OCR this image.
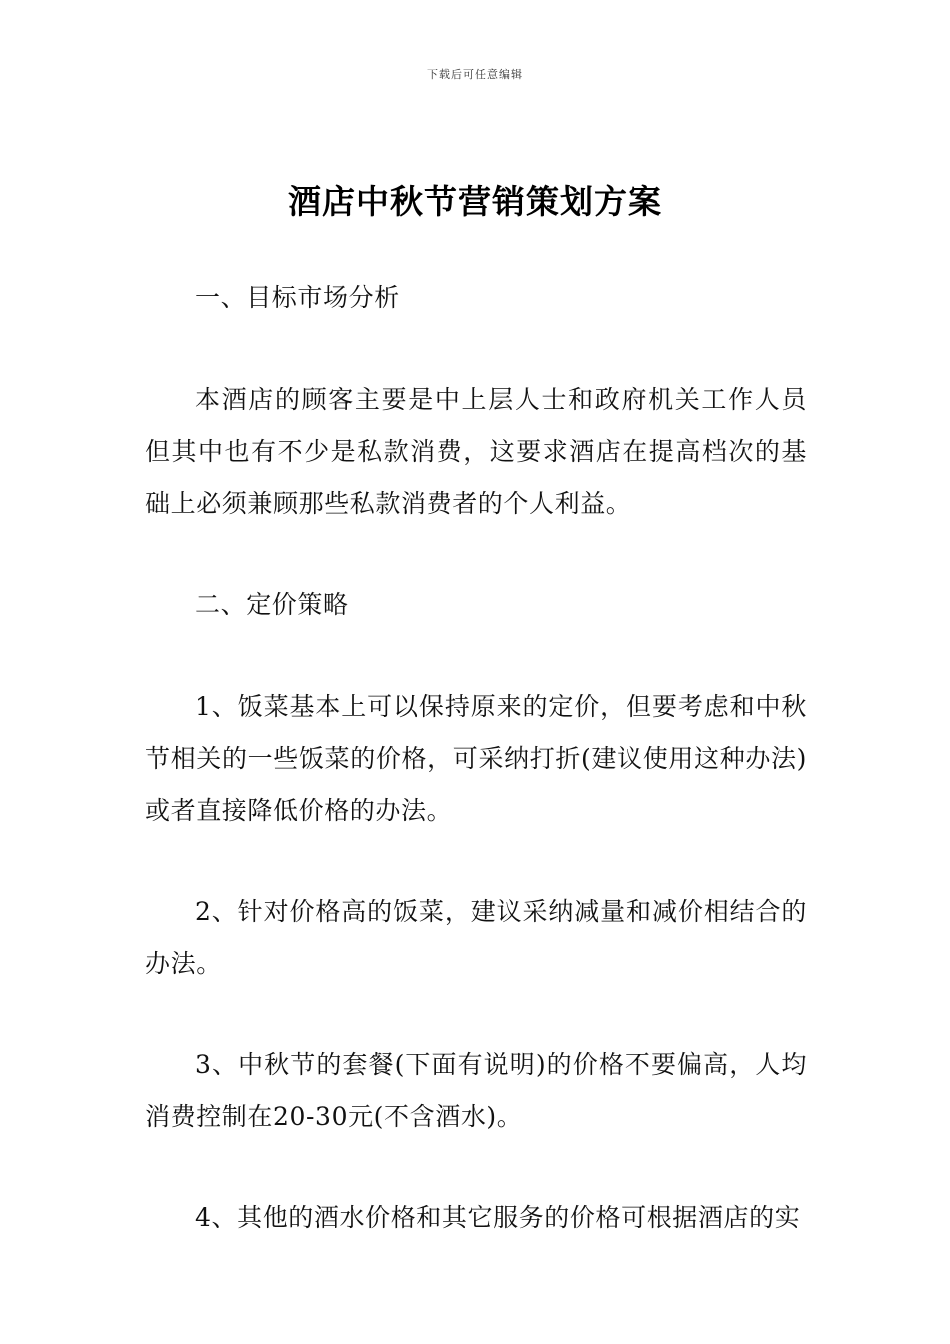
下载后可任意编辑
酒店中秋节营销策划方案

一、目标市场分析

本酒店的顾客主要是中上层人士和政府机关工作人员但其中也有不少是私款消费，这要求酒店在提高档次的基础上必须兼顾那些私款消费者的个人利益。

二、定价策略

1、饭菜基本上可以保持原来的定价，但要考虑和中秋节相关的一些饭菜的价格，可采纳打折(建议使用这种办法)或者直接降低价格的办法。

2、针对价格高的饭菜，建议采纳减量和减价相结合的办法。

3、中秋节的套餐(下面有说明)的价格不要偏高，人均消费控制在20-30元(不含酒水)。

4、其他的酒水价格和其它服务的价格可根据酒店的实
